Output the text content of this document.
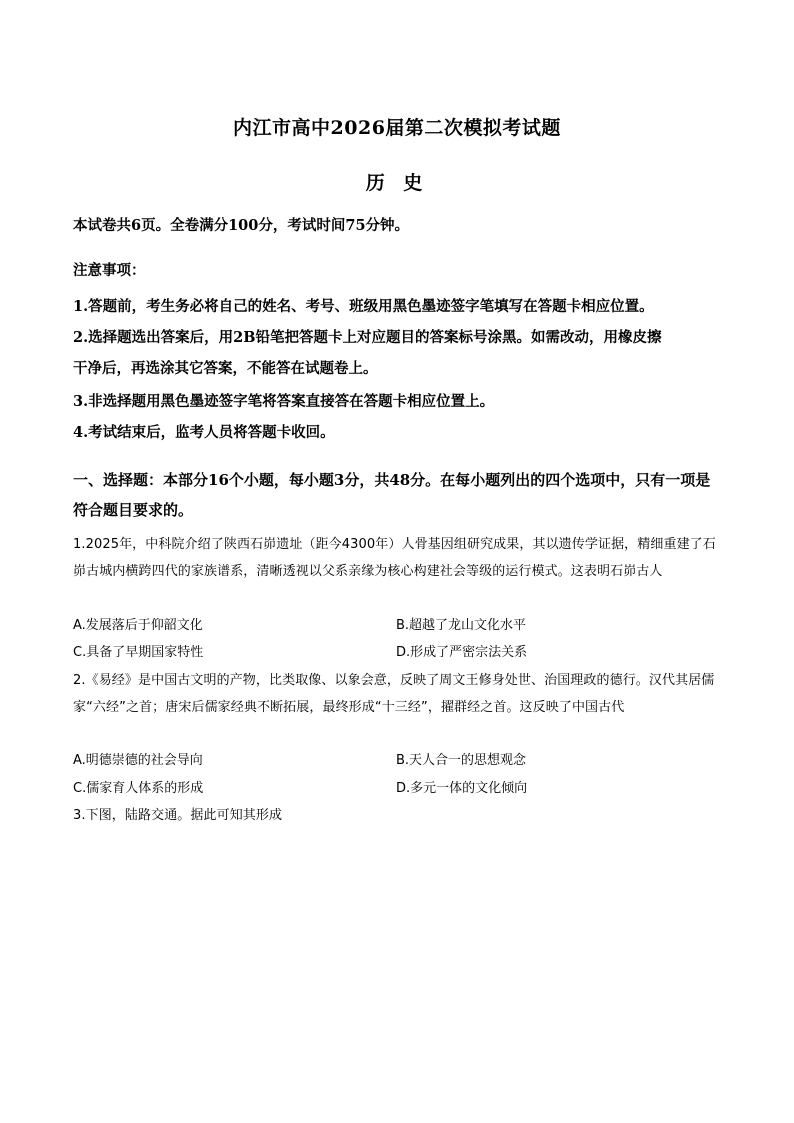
内江市高中2026届第二次模拟考试题
历 史
本试卷共6页。全卷满分100分，考试时间75分钟。
注意事项：
1.答题前，考生务必将自己的姓名、考号、班级用黑色墨迹签字笔填写在答题卡相应位置。
2.选择题选出答案后，用2B铅笔把答题卡上对应题目的答案标号涂黑。如需改动，用橡皮擦
干净后，再选涂其它答案，不能答在试题卷上。
3.非选择题用黑色墨迹签字笔将答案直接答在答题卡相应位置上。
4.考试结束后，监考人员将答题卡收回。
一、选择题：本部分16个小题，每小题3分，共48分。在每小题列出的四个选项中，只有一项是符合题目要求的。
1.2025年，中科院介绍了陕西石峁遗址（距今4300年）人骨基因组研究成果，其以遗传学证据，精细重建了石峁古城内横跨四代的家族谱系，清晰透视以父系亲缘为核心构建社会等级的运行模式。这表明石峁古人
A.发展落后于仰韶文化	B.超越了龙山文化水平
C.具备了早期国家特性	D.形成了严密宗法关系
2.《易经》是中国古文明的产物，比类取像、以象会意，反映了周文王修身处世、治国理政的德行。汉代其居儒家“六经”之首；唐宋后儒家经典不断拓展，最终形成“十三经”，擢群经之首。这反映了中国古代
A.明德崇德的社会导向	B.天人合一的思想观念
C.儒家育人体系的形成	D.多元一体的文化倾向
3.下图，陆路交通。据此可知其形成
